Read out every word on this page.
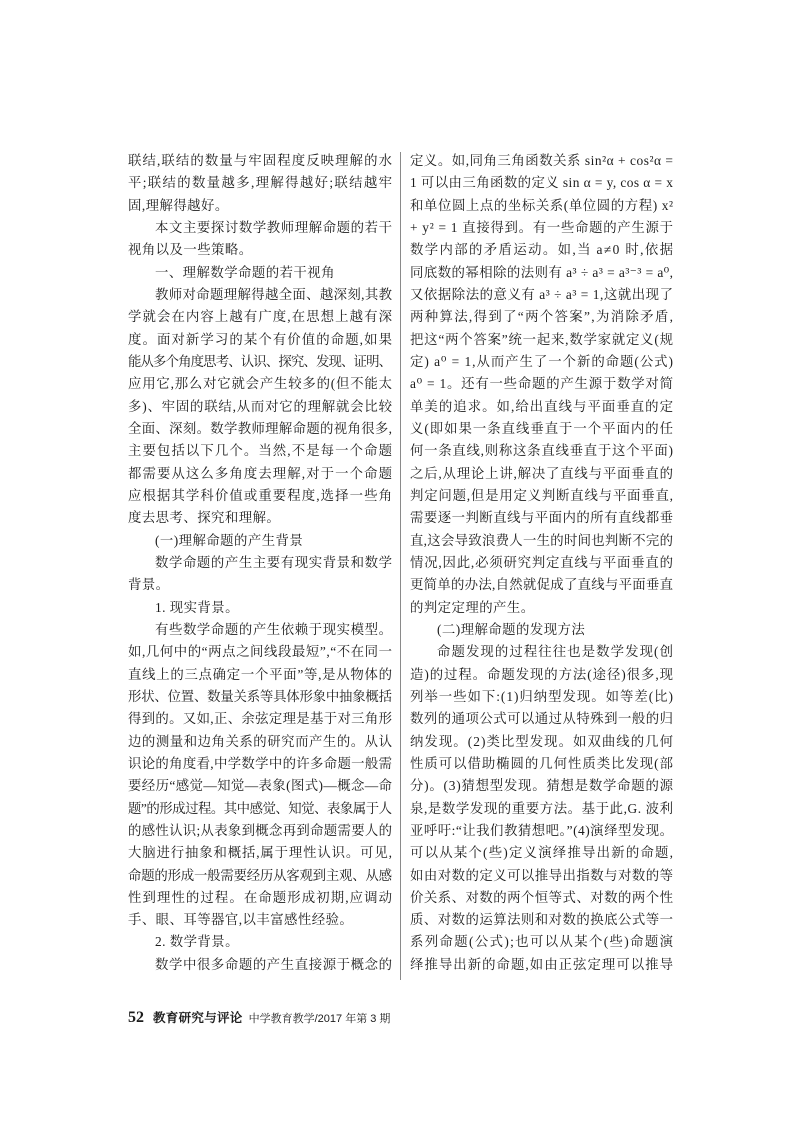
联结,联结的数量与牢固程度反映理解的水
平;联结的数量越多,理解得越好;联结越牢
固,理解得越好。
本文主要探讨数学教师理解命题的若干
视角以及一些策略。
一、理解数学命题的若干视角
教师对命题理解得越全面、越深刻,其教
学就会在内容上越有广度,在思想上越有深
度。面对新学习的某个有价值的命题,如果
能从多个角度思考、认识、探究、发现、证明、
应用它,那么对它就会产生较多的(但不能太
多)、牢固的联结,从而对它的理解就会比较
全面、深刻。数学教师理解命题的视角很多,
主要包括以下几个。当然,不是每一个命题
都需要从这么多角度去理解,对于一个命题
应根据其学科价值或重要程度,选择一些角
度去思考、探究和理解。
(一)理解命题的产生背景
数学命题的产生主要有现实背景和数学
背景。
1. 现实背景。
有些数学命题的产生依赖于现实模型。
如,几何中的“两点之间线段最短”,“不在同一
直线上的三点确定一个平面”等,是从物体的
形状、位置、数量关系等具体形象中抽象概括
得到的。又如,正、余弦定理是基于对三角形
边的测量和边角关系的研究而产生的。从认
识论的角度看,中学数学中的许多命题一般需
要经历“感觉—知觉—表象(图式)—概念—命
题”的形成过程。其中感觉、知觉、表象属于人
的感性认识;从表象到概念再到命题需要人的
大脑进行抽象和概括,属于理性认识。可见,
命题的形成一般需要经历从客观到主观、从感
性到理性的过程。在命题形成初期,应调动
手、眼、耳等器官,以丰富感性经验。
2. 数学背景。
数学中很多命题的产生直接源于概念的
定义。如,同角三角函数关系 sin²α + cos²α =
1 可以由三角函数的定义 sin α = y, cos α = x
和单位圆上点的坐标关系(单位圆的方程) x²
+ y² = 1 直接得到。有一些命题的产生源于
数学内部的矛盾运动。如,当 a≠0 时,依据
同底数的幂相除的法则有 a³ ÷ a³ = a³⁻³ = a⁰,
又依据除法的意义有 a³ ÷ a³ = 1,这就出现了
两种算法,得到了“两个答案”,为消除矛盾,
把这“两个答案”统一起来,数学家就定义(规
定) a⁰ = 1,从而产生了一个新的命题(公式)
a⁰ = 1。还有一些命题的产生源于数学对简
单美的追求。如,给出直线与平面垂直的定
义(即如果一条直线垂直于一个平面内的任
何一条直线,则称这条直线垂直于这个平面)
之后,从理论上讲,解决了直线与平面垂直的
判定问题,但是用定义判断直线与平面垂直,
需要逐一判断直线与平面内的所有直线都垂
直,这会导致浪费人一生的时间也判断不完的
情况,因此,必须研究判定直线与平面垂直的
更简单的办法,自然就促成了直线与平面垂直
的判定定理的产生。
(二)理解命题的发现方法
命题发现的过程往往也是数学发现(创
造)的过程。命题发现的方法(途径)很多,现
列举一些如下:(1)归纳型发现。如等差(比)
数列的通项公式可以通过从特殊到一般的归
纳发现。(2)类比型发现。如双曲线的几何
性质可以借助椭圆的几何性质类比发现(部
分)。(3)猜想型发现。猜想是数学命题的源
泉,是数学发现的重要方法。基于此,G. 波利
亚呼吁:“让我们教猜想吧。”(4)演绎型发现。
可以从某个(些)定义演绎推导出新的命题,
如由对数的定义可以推导出指数与对数的等
价关系、对数的两个恒等式、对数的两个性
质、对数的运算法则和对数的换底公式等一
系列命题(公式);也可以从某个(些)命题演
绎推导出新的命题,如由正弦定理可以推导
52 教育研究与评论 中学教育教学/2017 年第 3 期
